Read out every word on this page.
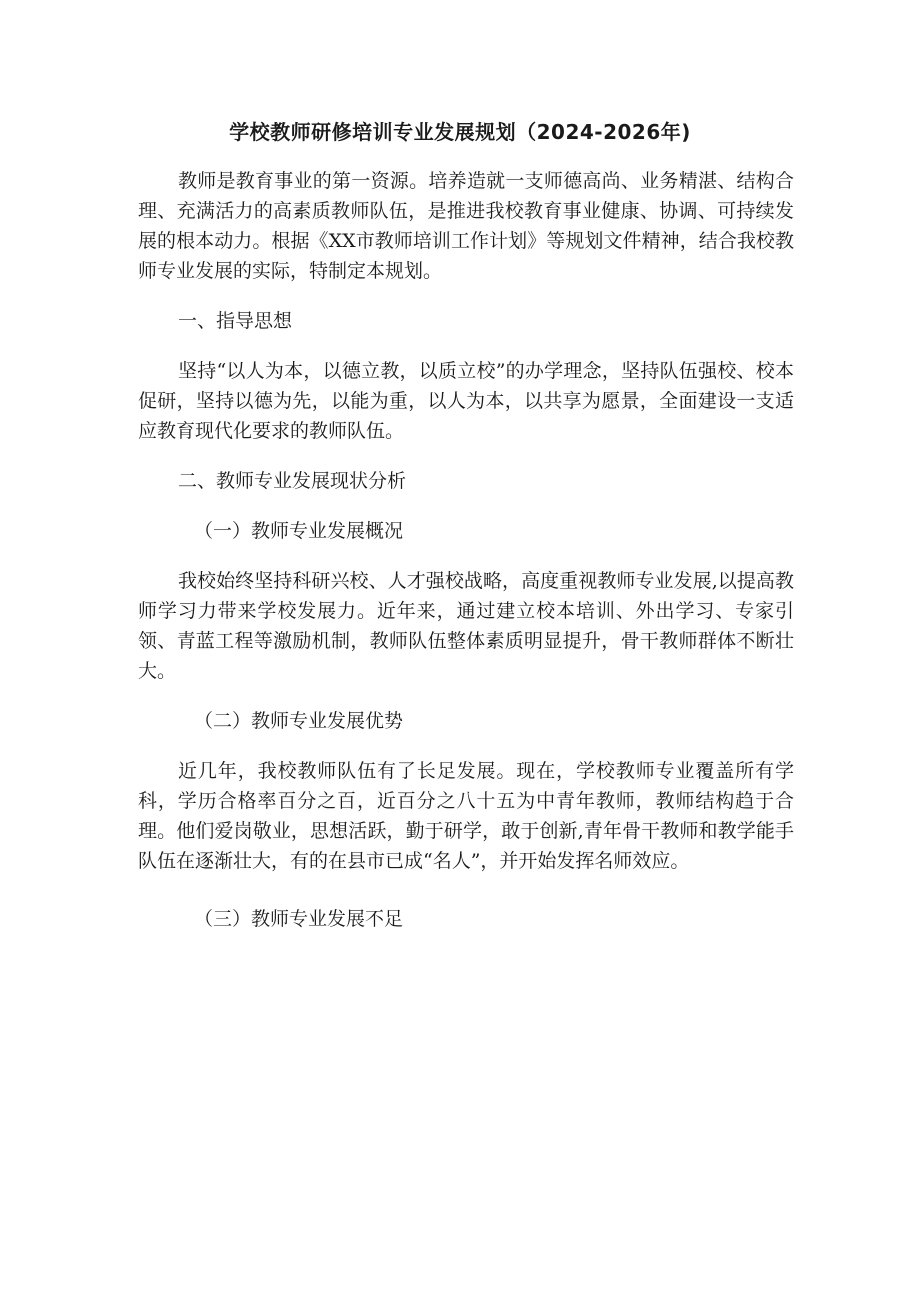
学校教师研修培训专业发展规划（2024-2026年)

教师是教育事业的第一资源。培养造就一支师德高尚、业务精湛、结构合理、充满活力的高素质教师队伍，是推进我校教育事业健康、协调、可持续发展的根本动力。根据《XX市教师培训工作计划》等规划文件精神，结合我校教师专业发展的实际，特制定本规划。

一、指导思想

坚持“以人为本，以德立教，以质立校”的办学理念，坚持队伍强校、校本促研，坚持以德为先，以能为重，以人为本，以共享为愿景，全面建设一支适应教育现代化要求的教师队伍。

二、教师专业发展现状分析

（一）教师专业发展概况

我校始终坚持科研兴校、人才强校战略，高度重视教师专业发展,以提高教师学习力带来学校发展力。近年来，通过建立校本培训、外出学习、专家引领、青蓝工程等激励机制，教师队伍整体素质明显提升，骨干教师群体不断壮大。

（二）教师专业发展优势

近几年，我校教师队伍有了长足发展。现在，学校教师专业覆盖所有学科，学历合格率百分之百，近百分之八十五为中青年教师，教师结构趋于合理。他们爱岗敬业，思想活跃，勤于研学，敢于创新,青年骨干教师和教学能手队伍在逐渐壮大，有的在县市已成“名人”，并开始发挥名师效应。

（三）教师专业发展不足
